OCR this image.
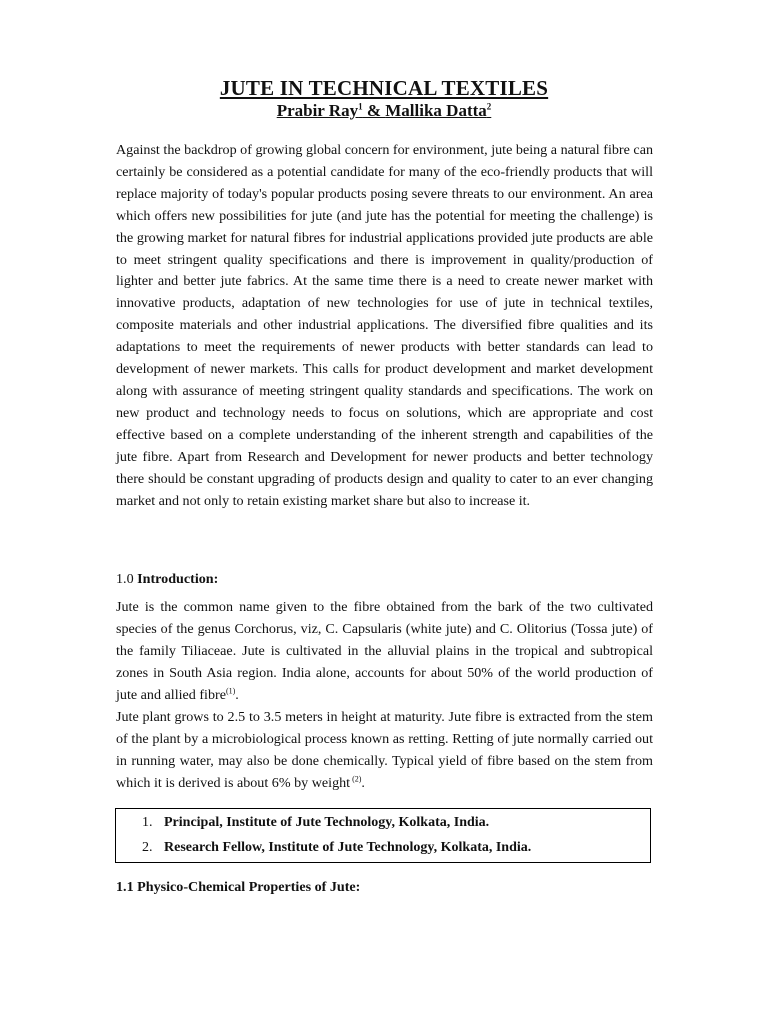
JUTE IN TECHNICAL TEXTILES
Prabir Ray$^1$ & Mallika Datta$^2$

Against the backdrop of growing global concern for environment, jute being a natural fibre can certainly be considered as a potential candidate for many of the eco-friendly products that will replace majority of today's popular products posing severe threats to our environment. An area which offers new possibilities for jute (and jute has the potential for meeting the challenge) is the growing market for natural fibres for industrial applications provided jute products are able to meet stringent quality specifications and there is improvement in quality/production of lighter and better jute fabrics. At the same time there is a need to create newer market with innovative products, adaptation of new technologies for use of jute in technical textiles, composite materials and other industrial applications. The diversified fibre qualities and its adaptations to meet the requirements of newer products with better standards can lead to development of newer markets. This calls for product development and market development along with assurance of meeting stringent quality standards and specifications. The work on new product and technology needs to focus on solutions, which are appropriate and cost effective based on a complete understanding of the inherent strength and capabilities of the jute fibre. Apart from Research and Development for newer products and better technology there should be constant upgrading of products design and quality to cater to an ever changing market and not only to retain existing market share but also to increase it.

1.0 Introduction:

Jute is the common name given to the fibre obtained from the bark of the two cultivated species of the genus Corchorus, viz, C. Capsularis (white jute) and C. Olitorius (Tossa jute) of the family Tiliaceae. Jute is cultivated in the alluvial plains in the tropical and subtropical zones in South Asia region. India alone, accounts for about 50% of the world production of jute and allied fibre$^{(1)}$.

Jute plant grows to 2.5 to 3.5 meters in height at maturity. Jute fibre is extracted from the stem of the plant by a microbiological process known as retting. Retting of jute normally carried out in running water, may also be done chemically. Typical yield of fibre based on the stem from which it is derived is about 6% by weight $^{(2)}$.

1. Principal, Institute of Jute Technology, Kolkata, India.
2. Research Fellow, Institute of Jute Technology, Kolkata, India.

1.1 Physico-Chemical Properties of Jute:
